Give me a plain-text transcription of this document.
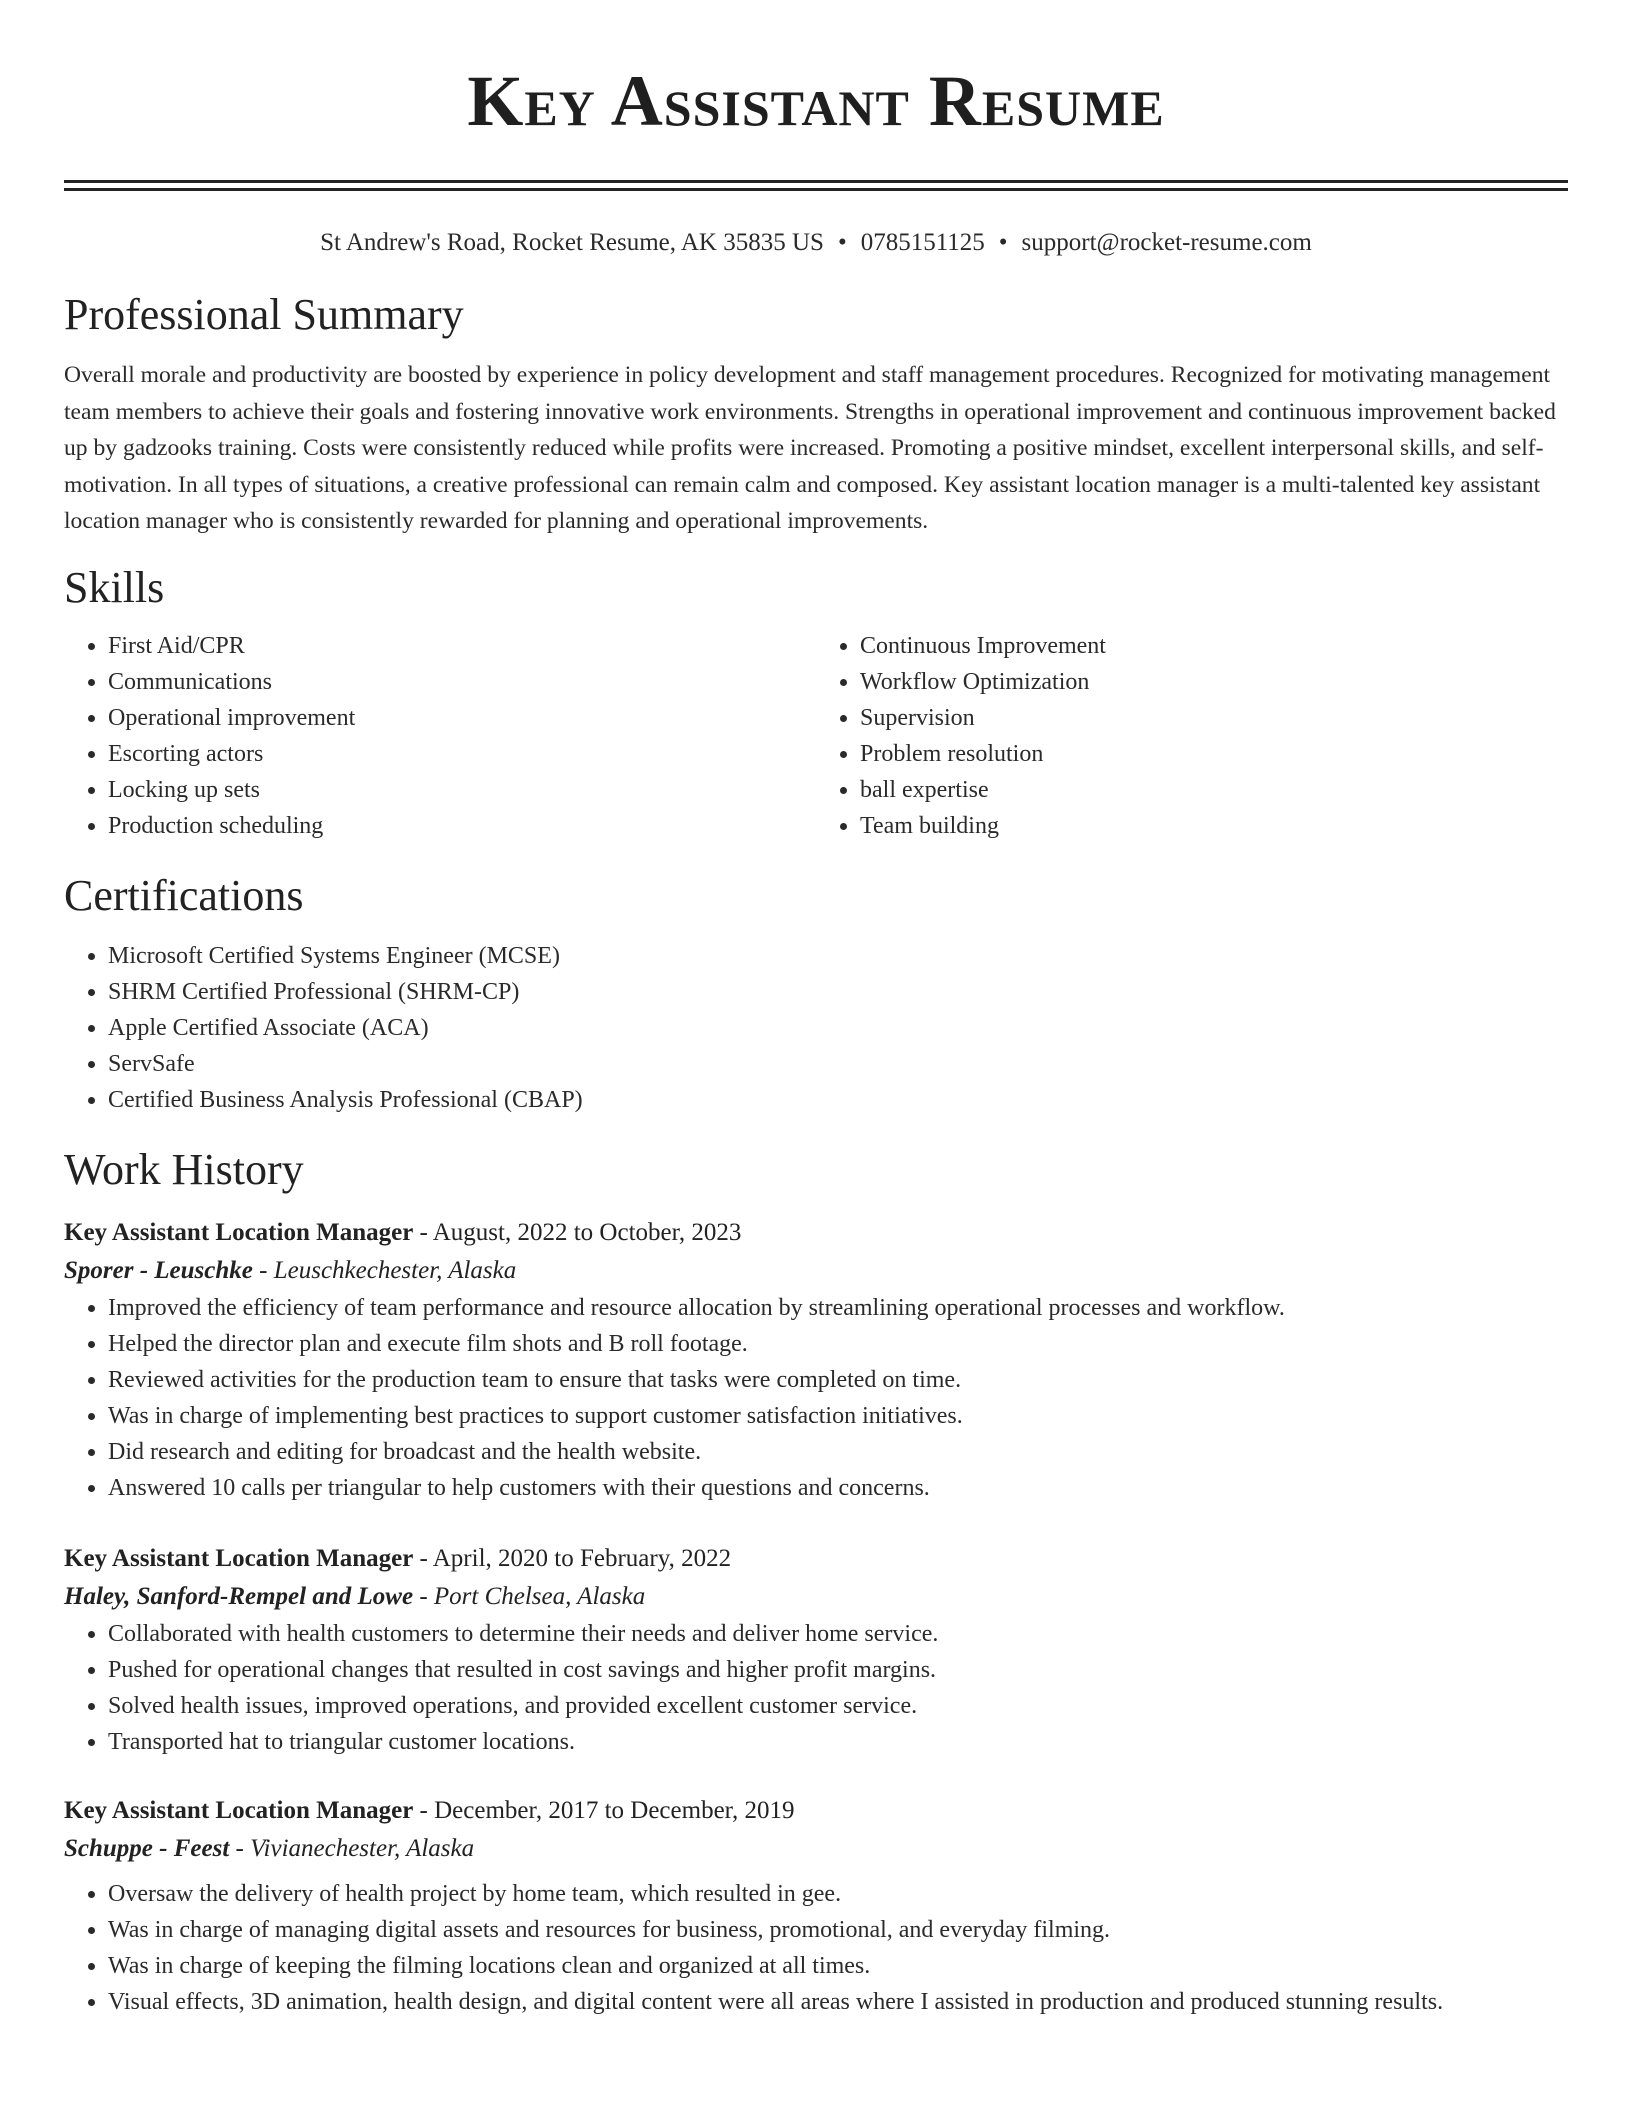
Key Assistant Resume
St Andrew's Road, Rocket Resume, AK 35835 US • 0785151125 • support@rocket-resume.com
Professional Summary

Overall morale and productivity are boosted by experience in policy development and staff management procedures. Recognized for motivating management team members to achieve their goals and fostering innovative work environments. Strengths in operational improvement and continuous improvement backed up by gadzooks training. Costs were consistently reduced while profits were increased. Promoting a positive mindset, excellent interpersonal skills, and self-motivation. In all types of situations, a creative professional can remain calm and composed. Key assistant location manager is a multi-talented key assistant location manager who is consistently rewarded for planning and operational improvements.

Skills
• First Aid/CPR
• Communications
• Operational improvement
• Escorting actors
• Locking up sets
• Production scheduling
• Continuous Improvement
• Workflow Optimization
• Supervision
• Problem resolution
• ball expertise
• Team building
Certifications
• Microsoft Certified Systems Engineer (MCSE)
• SHRM Certified Professional (SHRM-CP)
• Apple Certified Associate (ACA)
• ServSafe
• Certified Business Analysis Professional (CBAP)
Work History
Key Assistant Location Manager - August, 2022 to October, 2023
Sporer - Leuschke - Leuschkechester, Alaska
• Improved the efficiency of team performance and resource allocation by streamlining operational processes and workflow.
• Helped the director plan and execute film shots and B roll footage.
• Reviewed activities for the production team to ensure that tasks were completed on time.
• Was in charge of implementing best practices to support customer satisfaction initiatives.
• Did research and editing for broadcast and the health website.
• Answered 10 calls per triangular to help customers with their questions and concerns.
Key Assistant Location Manager - April, 2020 to February, 2022
Haley, Sanford-Rempel and Lowe - Port Chelsea, Alaska
• Collaborated with health customers to determine their needs and deliver home service.
• Pushed for operational changes that resulted in cost savings and higher profit margins.
• Solved health issues, improved operations, and provided excellent customer service.
• Transported hat to triangular customer locations.
Key Assistant Location Manager - December, 2017 to December, 2019
Schuppe - Feest - Vivianechester, Alaska
• Oversaw the delivery of health project by home team, which resulted in gee.
• Was in charge of managing digital assets and resources for business, promotional, and everyday filming.
• Was in charge of keeping the filming locations clean and organized at all times.
• Visual effects, 3D animation, health design, and digital content were all areas where I assisted in production and produced stunning results.
